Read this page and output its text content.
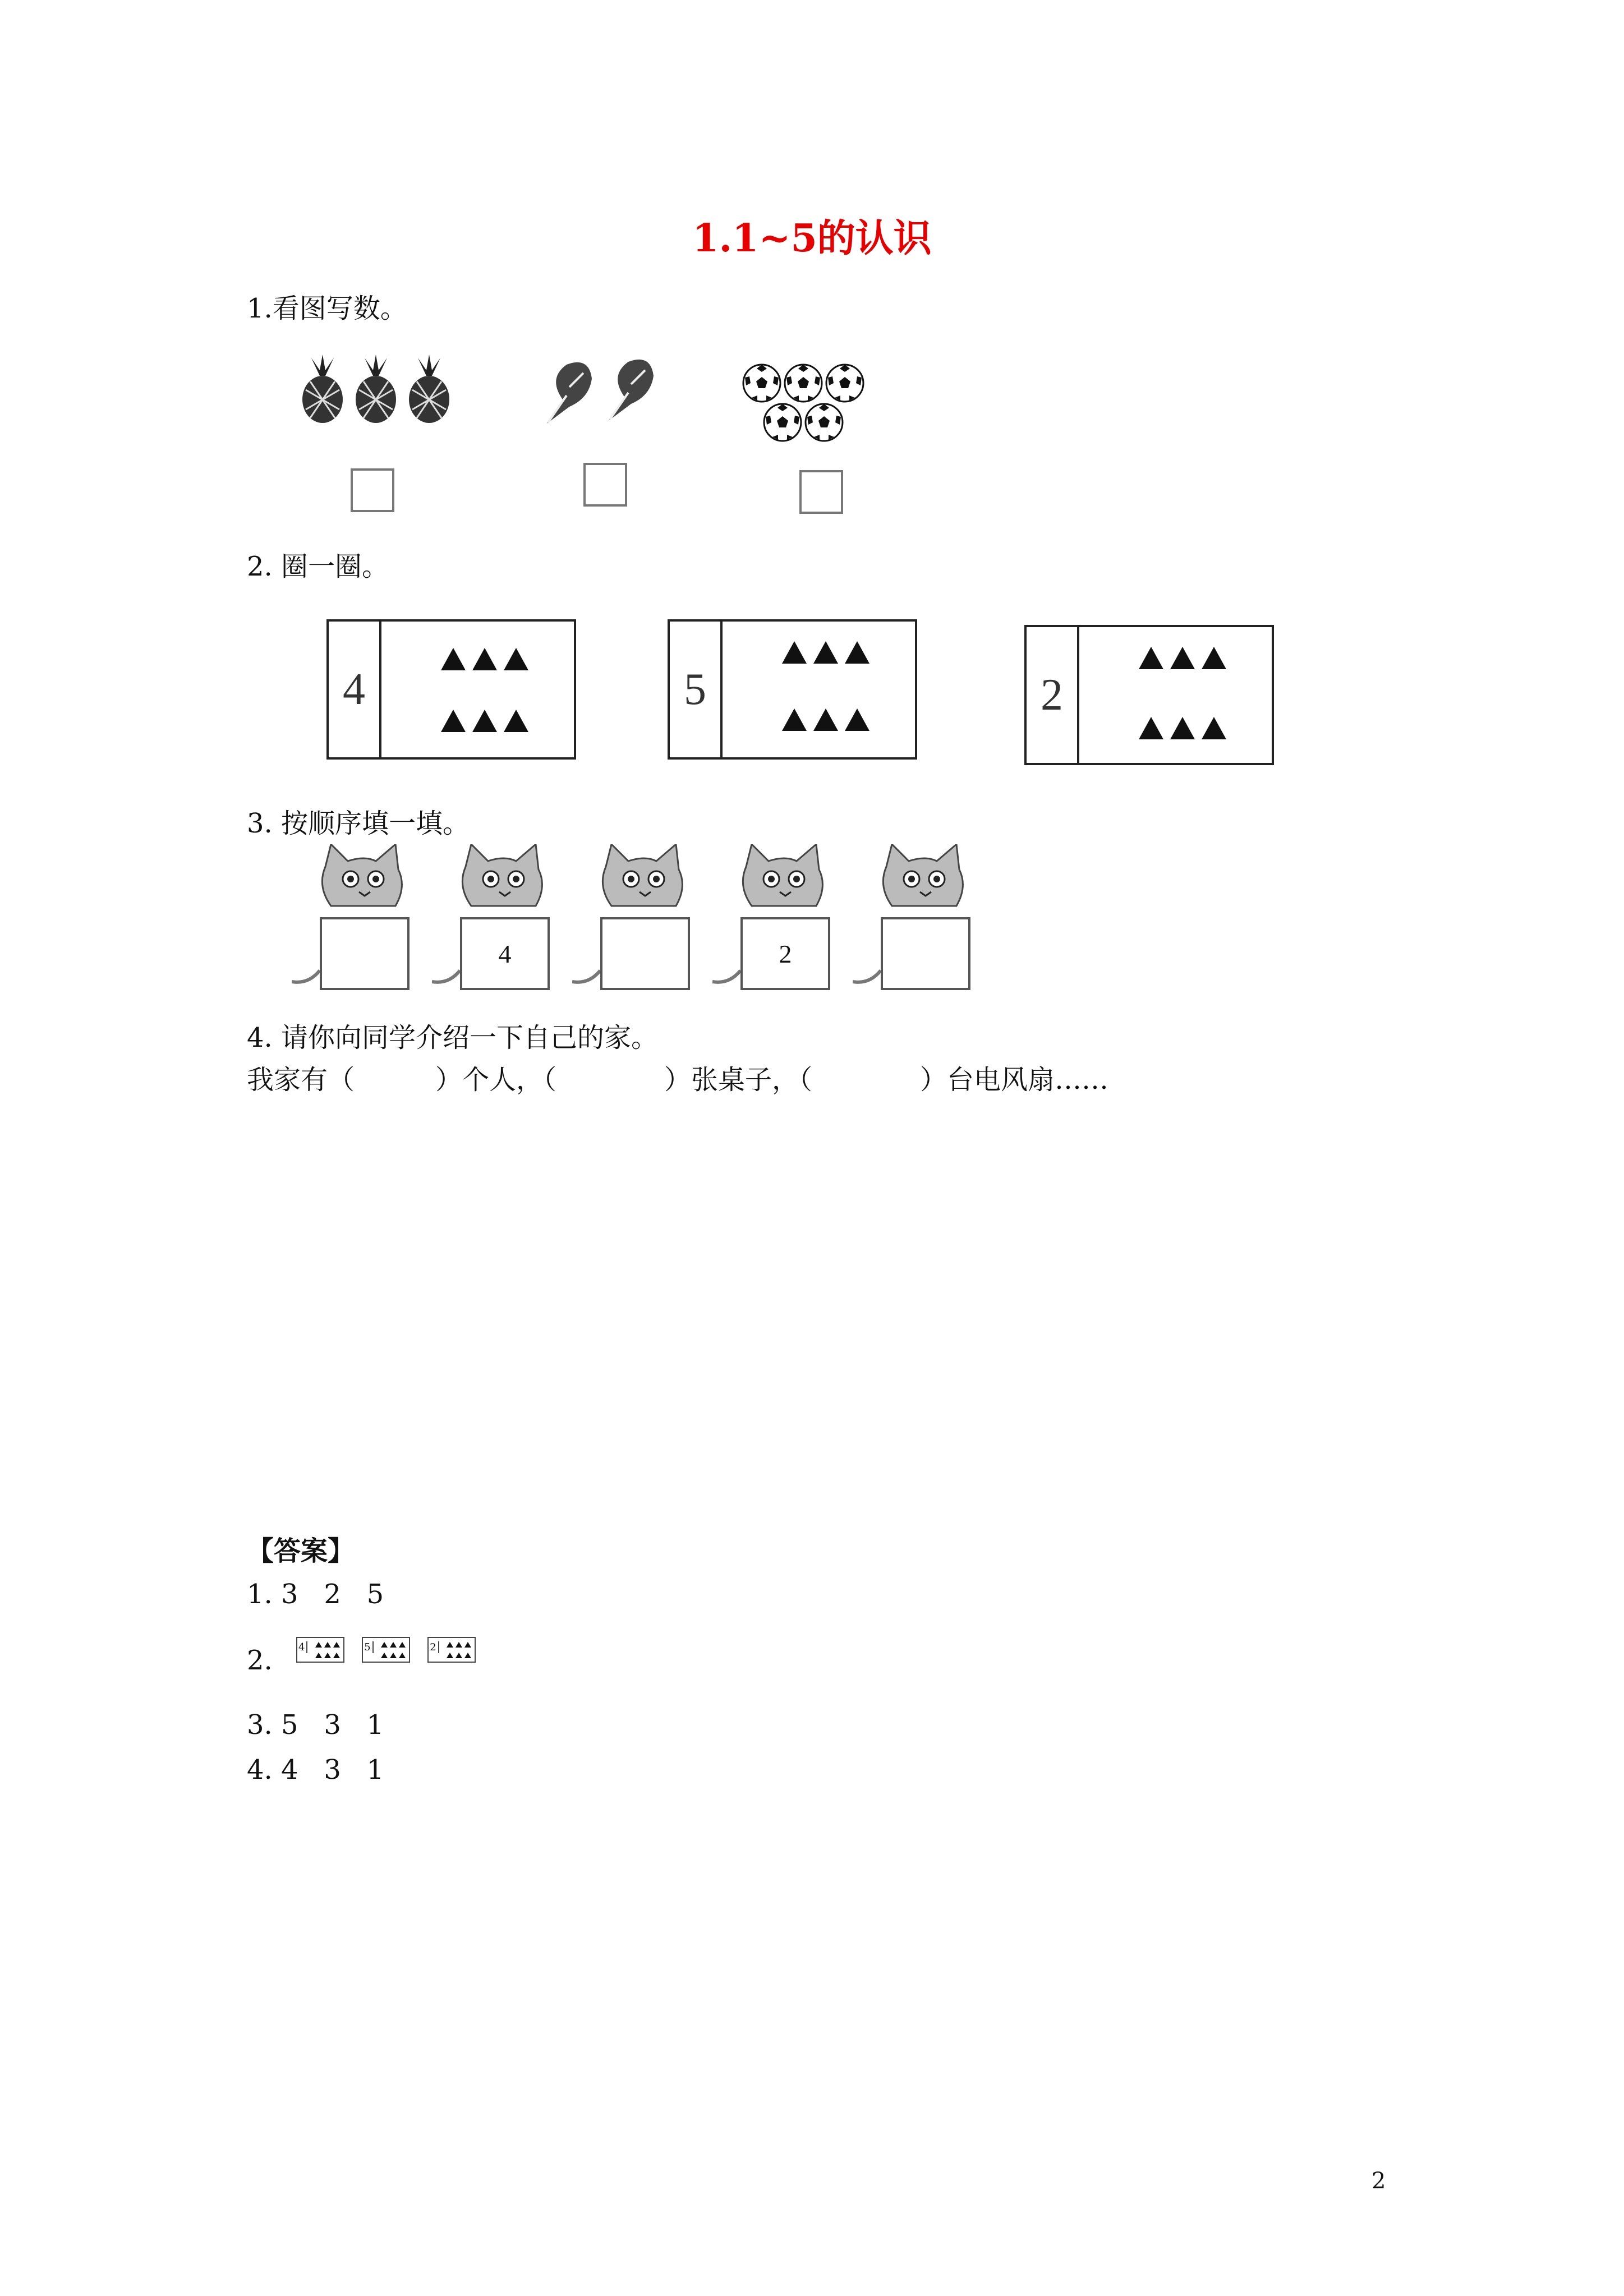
1.1~5的认识
1.看图写数。
2. 圈一圈。
4	5	2
3. 按顺序填一填。
4	2
4. 请你向同学介绍一下自己的家。
我家有（　　　）个人，（　　　　）张桌子，（　　　　）台电风扇……
【答案】
1. 3   2   5
2.	4
	5
	2
3. 5   3   1
4. 4   3   1
2
